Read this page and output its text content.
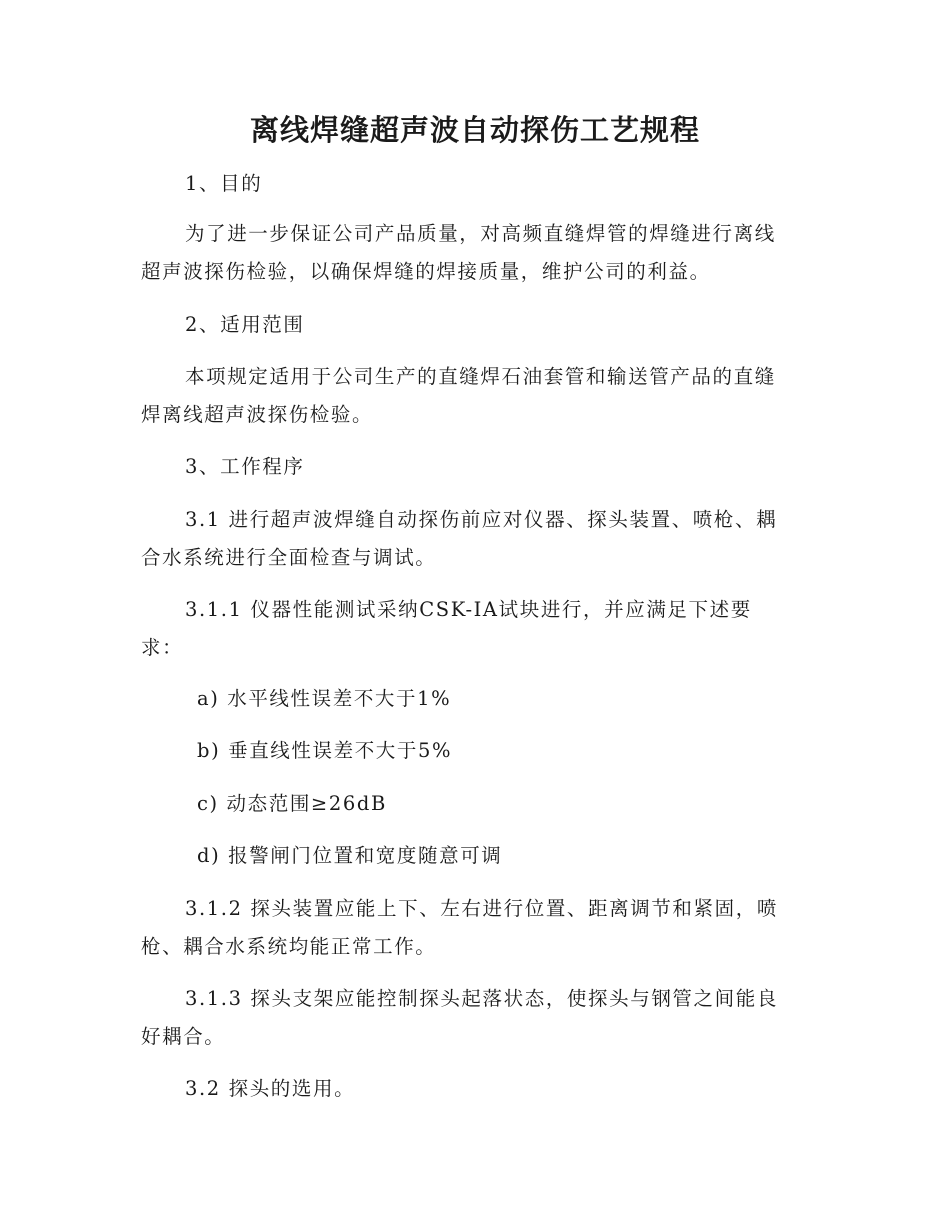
离线焊缝超声波自动探伤工艺规程
1、目的
为了进一步保证公司产品质量，对高频直缝焊管的焊缝进行离线
超声波探伤检验，以确保焊缝的焊接质量，维护公司的利益。
2、适用范围
本项规定适用于公司生产的直缝焊石油套管和输送管产品的直缝
焊离线超声波探伤检验。
3、工作程序
3.1 进行超声波焊缝自动探伤前应对仪器、探头装置、喷枪、耦
合水系统进行全面检查与调试。
3.1.1 仪器性能测试采纳CSK-ⅠA试块进行，并应满足下述要
求：
a) 水平线性误差不大于1%
b) 垂直线性误差不大于5%
c) 动态范围≥26dB
d) 报警闸门位置和宽度随意可调
3.1.2 探头装置应能上下、左右进行位置、距离调节和紧固，喷
枪、耦合水系统均能正常工作。
3.1.3 探头支架应能控制探头起落状态，使探头与钢管之间能良
好耦合。
3.2 探头的选用。
